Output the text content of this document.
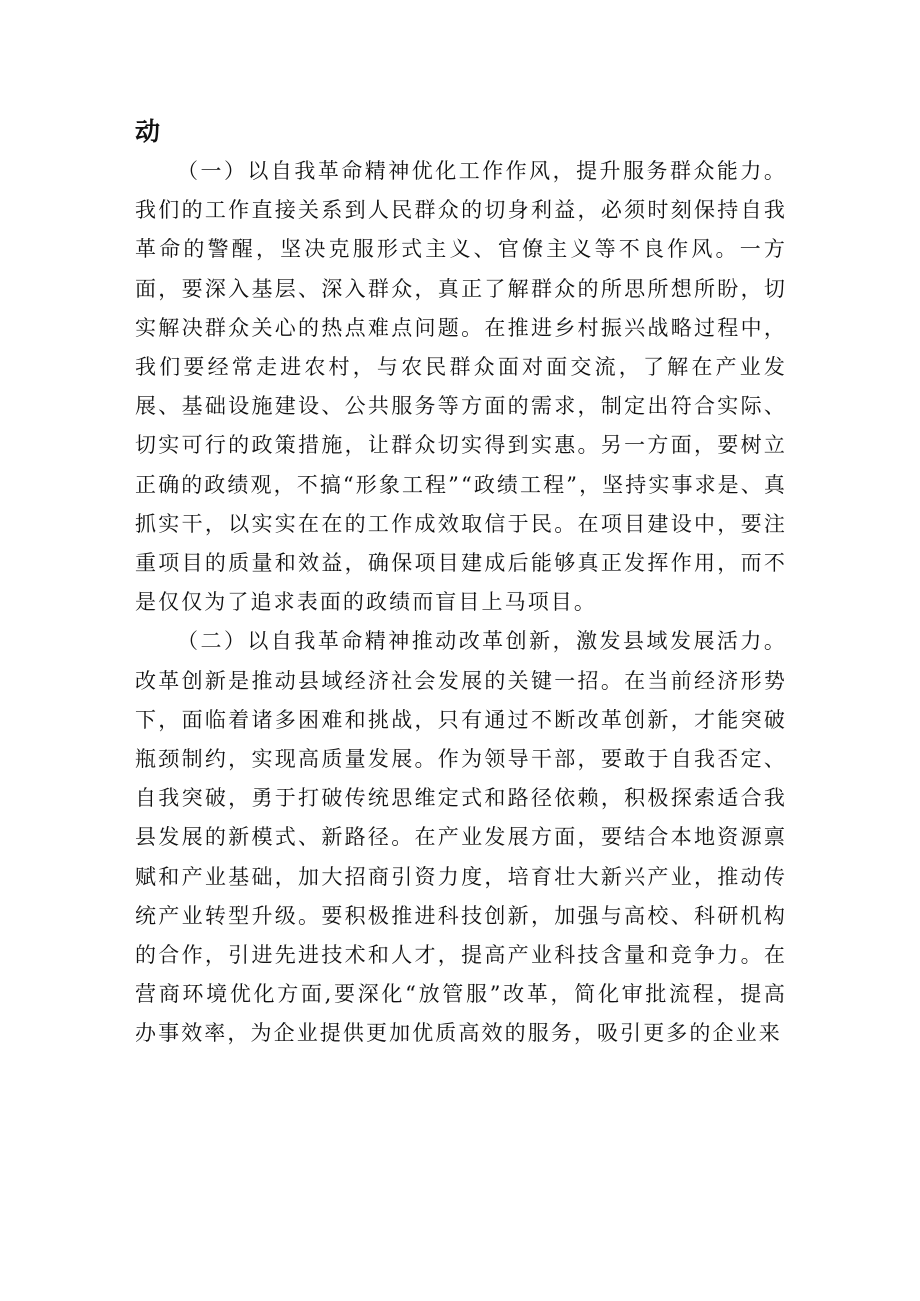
动

（一）以自我革命精神优化工作作风，提升服务群众能力。我们的工作直接关系到人民群众的切身利益，必须时刻保持自我革命的警醒，坚决克服形式主义、官僚主义等不良作风。一方面，要深入基层、深入群众，真正了解群众的所思所想所盼，切实解决群众关心的热点难点问题。在推进乡村振兴战略过程中，我们要经常走进农村，与农民群众面对面交流，了解在产业发展、基础设施建设、公共服务等方面的需求，制定出符合实际、切实可行的政策措施，让群众切实得到实惠。另一方面，要树立正确的政绩观，不搞“形象工程”“政绩工程”，坚持实事求是、真抓实干，以实实在在的工作成效取信于民。在项目建设中，要注重项目的质量和效益，确保项目建成后能够真正发挥作用，而不是仅仅为了追求表面的政绩而盲目上马项目。

（二）以自我革命精神推动改革创新，激发县域发展活力。改革创新是推动县域经济社会发展的关键一招。在当前经济形势下，面临着诸多困难和挑战，只有通过不断改革创新，才能突破瓶颈制约，实现高质量发展。作为领导干部，要敢于自我否定、自我突破，勇于打破传统思维定式和路径依赖，积极探索适合我县发展的新模式、新路径。在产业发展方面，要结合本地资源禀赋和产业基础，加大招商引资力度，培育壮大新兴产业，推动传统产业转型升级。要积极推进科技创新，加强与高校、科研机构的合作，引进先进技术和人才，提高产业科技含量和竞争力。在营商环境优化方面,要深化“放管服”改革，简化审批流程，提高办事效率，为企业提供更加优质高效的服务，吸引更多的企业来
